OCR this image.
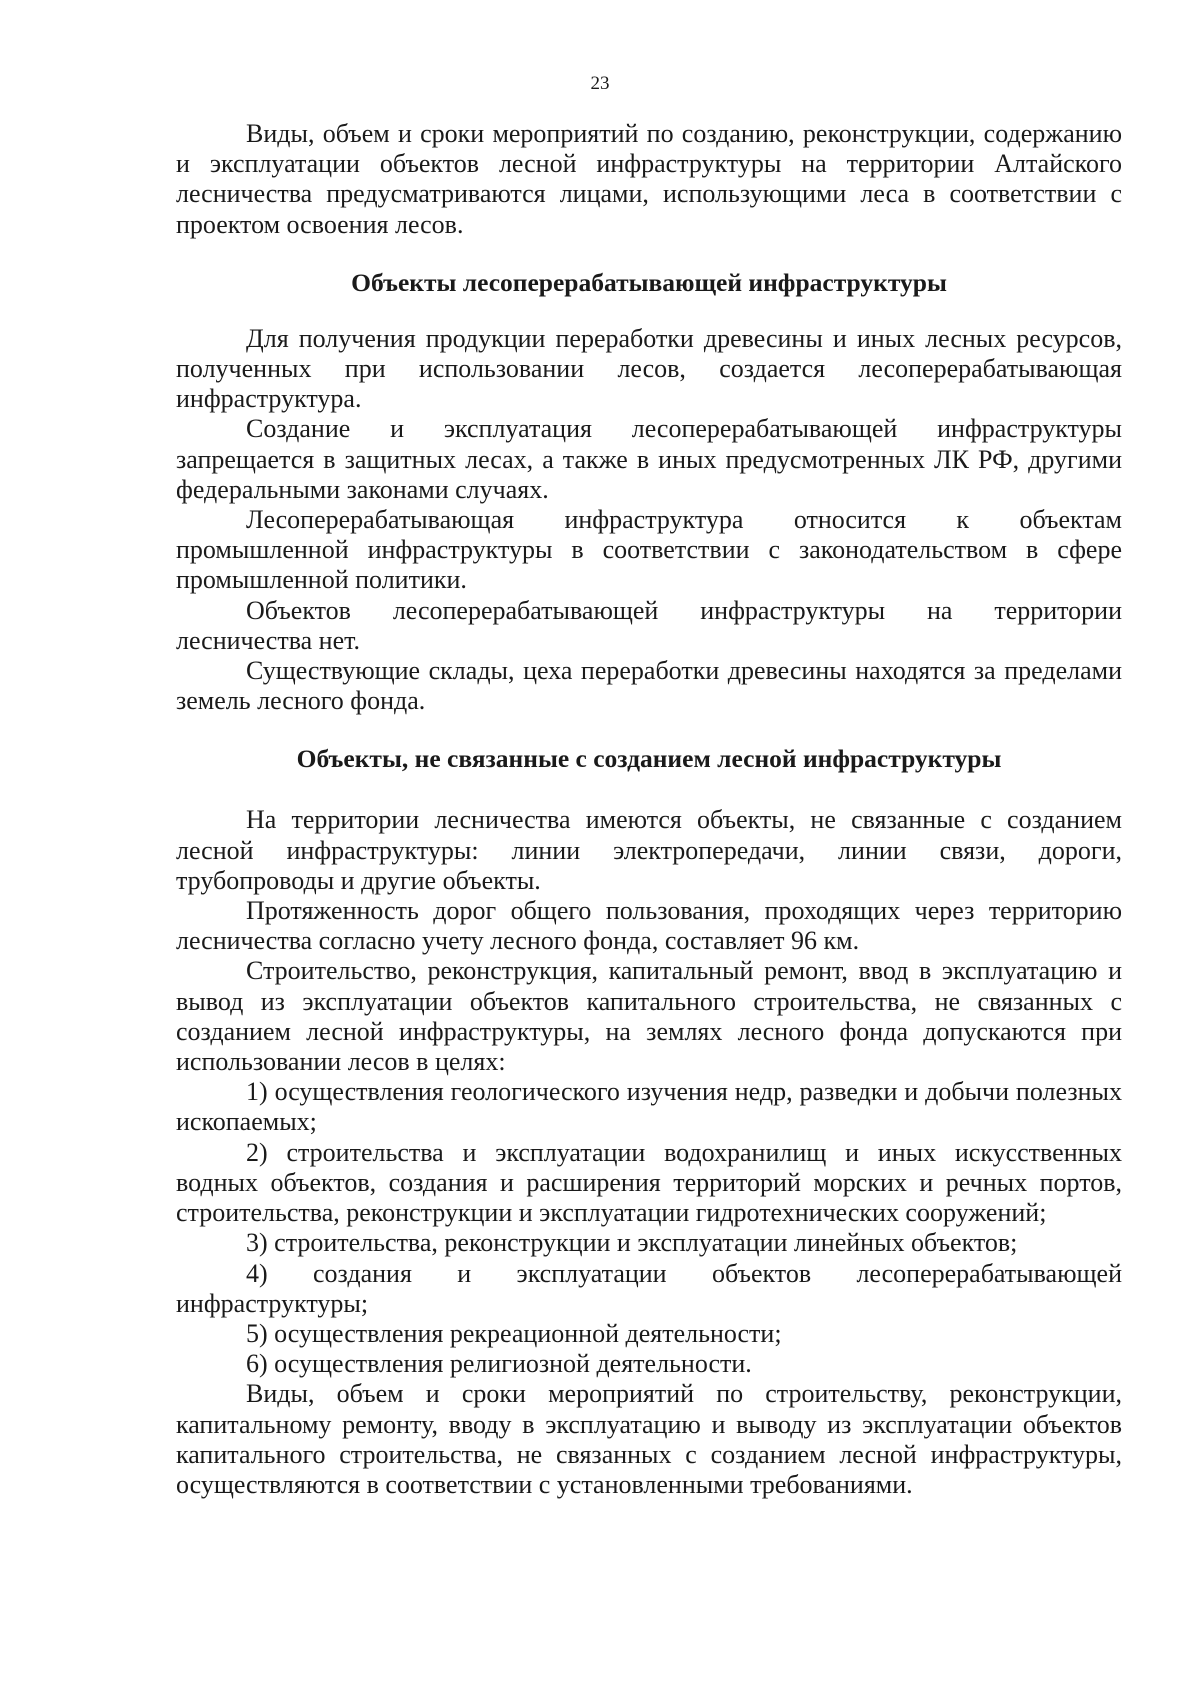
23

Виды, объем и сроки мероприятий по созданию, реконструкции, содержанию и эксплуатации объектов лесной инфраструктуры на территории Алтайского лесничества предусматриваются лицами, использующими леса в соответствии с проектом освоения лесов.

Объекты лесоперерабатывающей инфраструктуры

Для получения продукции переработки древесины и иных лесных ресурсов, полученных при использовании лесов, создается лесоперерабатывающая инфраструктура.

Создание и эксплуатация лесоперерабатывающей инфраструктуры запрещается в защитных лесах, а также в иных предусмотренных ЛК РФ, другими федеральными законами случаях.

Лесоперерабатывающая инфраструктура относится к объектам промышленной инфраструктуры в соответствии с законодательством в сфере промышленной политики.

Объектов лесоперерабатывающей инфраструктуры на территории лесничества нет.

Существующие склады, цеха переработки древесины находятся за пределами земель лесного фонда.

Объекты, не связанные с созданием лесной инфраструктуры

На территории лесничества имеются объекты, не связанные с созданием лесной инфраструктуры: линии электропередачи, линии связи, дороги, трубопроводы и другие объекты.

Протяженность дорог общего пользования, проходящих через территорию лесничества согласно учету лесного фонда, составляет 96 км.

Строительство, реконструкция, капитальный ремонт, ввод в эксплуатацию и вывод из эксплуатации объектов капитального строительства, не связанных с созданием лесной инфраструктуры, на землях лесного фонда допускаются при использовании лесов в целях:

1) осуществления геологического изучения недр, разведки и добычи полезных ископаемых;

2) строительства и эксплуатации водохранилищ и иных искусственных водных объектов, создания и расширения территорий морских и речных портов, строительства, реконструкции и эксплуатации гидротехнических сооружений;

3) строительства, реконструкции и эксплуатации линейных объектов;

4) создания и эксплуатации объектов лесоперерабатывающей инфраструктуры;

5) осуществления рекреационной деятельности;

6) осуществления религиозной деятельности.

Виды, объем и сроки мероприятий по строительству, реконструкции, капитальному ремонту, вводу в эксплуатацию и выводу из эксплуатации объектов капитального строительства, не связанных с созданием лесной инфраструктуры, осуществляются в соответствии с установленными требованиями.
